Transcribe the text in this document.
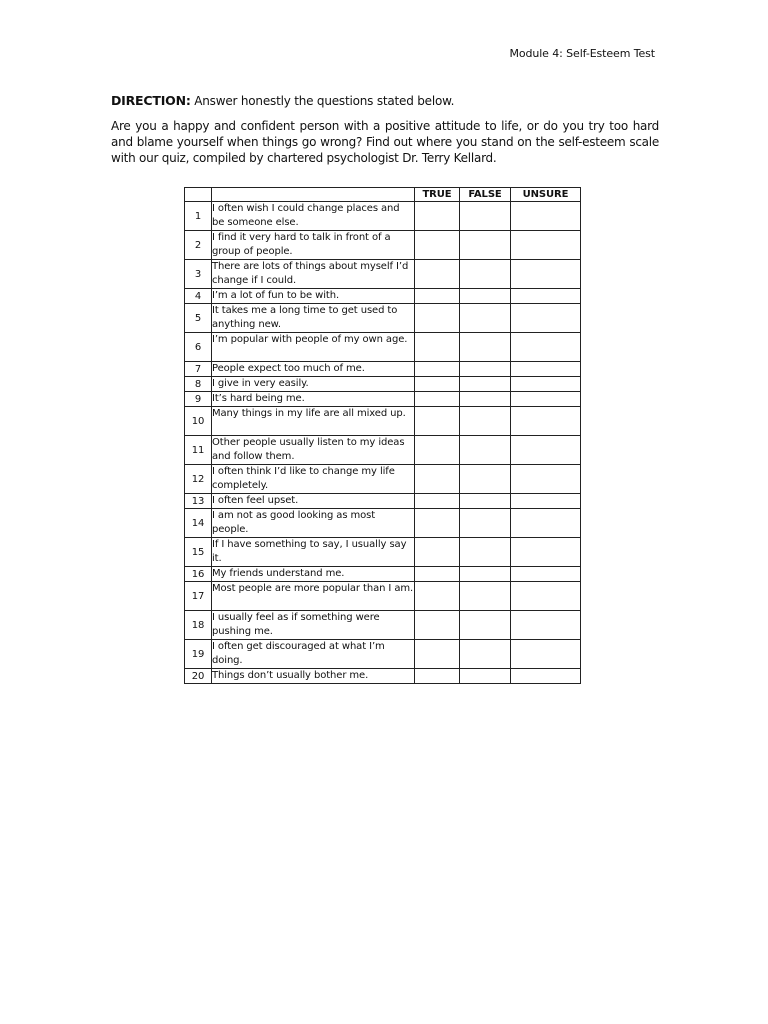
Module 4: Self-Esteem Test
DIRECTION: Answer honestly the questions stated below.
Are you a happy and confident person with a positive attitude to life, or do you try too hard and blame yourself when things go wrong? Find out where you stand on the self-esteem scale with our quiz, compiled by chartered psychologist Dr. Terry Kellard.
		TRUE	FALSE	UNSURE
1	I often wish I could change places and be someone else.			
2	I find it very hard to talk in front of a group of people.			
3	There are lots of things about myself I’d change if I could.			
4	I’m a lot of fun to be with.			
5	It takes me a long time to get used to anything new.			
6	I’m popular with people of my own age.			
7	People expect too much of me.			
8	I give in very easily.			
9	It’s hard being me.			
10	Many things in my life are all mixed up.			
11	Other people usually listen to my ideas and follow them.			
12	I often think I’d like to change my life completely.			
13	I often feel upset.			
14	I am not as good looking as most people.			
15	If I have something to say, I usually say it.			
16	My friends understand me.			
17	Most people are more popular than I am.			
18	I usually feel as if something were pushing me.			
19	I often get discouraged at what I’m doing.			
20	Things don’t usually bother me.			
